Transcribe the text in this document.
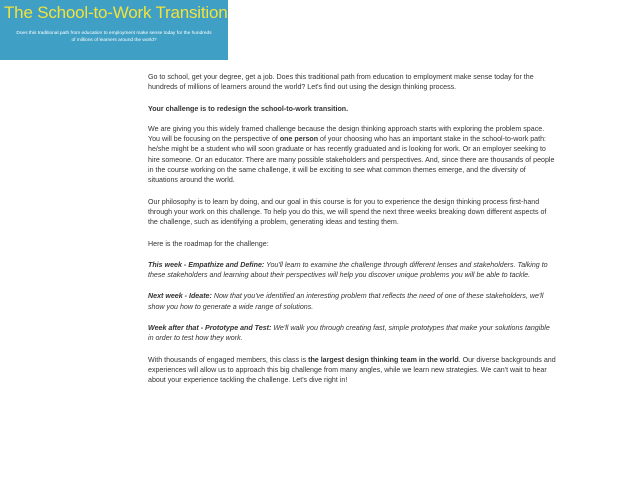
The School-to-Work Transition
Does this traditional path from education to employment make sense today for the hundreds of millions of learners around the world?

Go to school, get your degree, get a job. Does this traditional path from education to employment make sense today for the hundreds of millions of learners around the world? Let's find out using the design thinking process.

Your challenge is to redesign the school-to-work transition.

We are giving you this widely framed challenge because the design thinking approach starts with exploring the problem space. You will be focusing on the perspective of one person of your choosing who has an important stake in the school-to-work path: he/she might be a student who will soon graduate or has recently graduated and is looking for work. Or an employer seeking to hire someone. Or an educator. There are many possible stakeholders and perspectives. And, since there are thousands of people in the course working on the same challenge, it will be exciting to see what common themes emerge, and the diversity of situations around the world.

Our philosophy is to learn by doing, and our goal in this course is for you to experience the design thinking process first-hand through your work on this challenge. To help you do this, we will spend the next three weeks breaking down different aspects of the challenge, such as identifying a problem, generating ideas and testing them.

Here is the roadmap for the challenge:

This week - Empathize and Define: You'll learn to examine the challenge through different lenses and stakeholders. Talking to these stakeholders and learning about their perspectives will help you discover unique problems you will be able to tackle.

Next week - Ideate: Now that you've identified an interesting problem that reflects the need of one of these stakeholders, we'll show you how to generate a wide range of solutions.

Week after that - Prototype and Test: We'll walk you through creating fast, simple prototypes that make your solutions tangible in order to test how they work.

With thousands of engaged members, this class is the largest design thinking team in the world. Our diverse backgrounds and experiences will allow us to approach this big challenge from many angles, while we learn new strategies. We can't wait to hear about your experience tackling the challenge. Let's dive right in!
